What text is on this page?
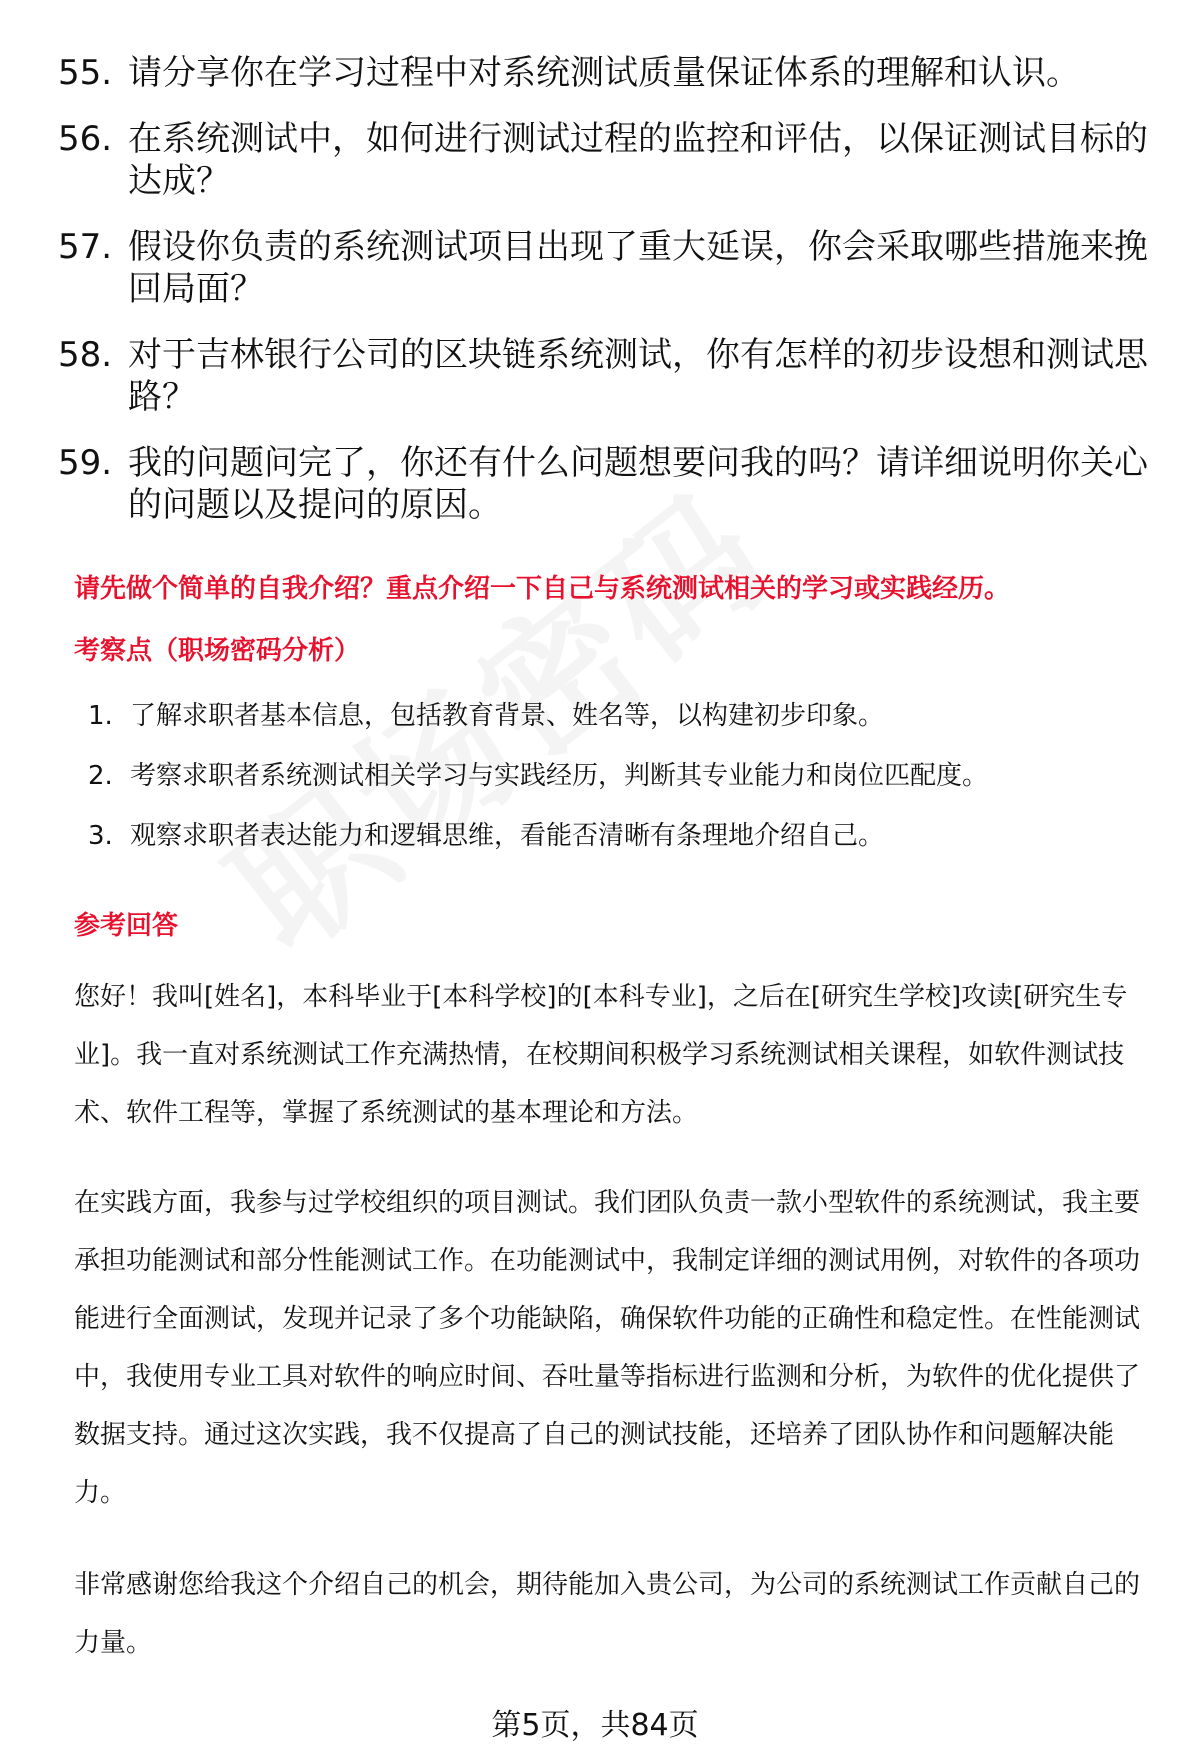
55. 请分享你在学习过程中对系统测试质量保证体系的理解和认识。
56. 在系统测试中，如何进行测试过程的监控和评估，以保证测试目标的达成？
57. 假设你负责的系统测试项目出现了重大延误，你会采取哪些措施来挽回局面？
58. 对于吉林银行公司的区块链系统测试，你有怎样的初步设想和测试思路？
59. 我的问题问完了，你还有什么问题想要问我的吗？请详细说明你关心的问题以及提问的原因。
请先做个简单的自我介绍？重点介绍一下自己与系统测试相关的学习或实践经历。
考察点（职场密码分析）
1. 了解求职者基本信息，包括教育背景、姓名等，以构建初步印象。
2. 考察求职者系统测试相关学习与实践经历，判断其专业能力和岗位匹配度。
3. 观察求职者表达能力和逻辑思维，看能否清晰有条理地介绍自己。
参考回答

您好！我叫[姓名]，本科毕业于[本科学校]的[本科专业]，之后在[研究生学校]攻读[研究生专业]。我一直对系统测试工作充满热情，在校期间积极学习系统测试相关课程，如软件测试技术、软件工程等，掌握了系统测试的基本理论和方法。

在实践方面，我参与过学校组织的项目测试。我们团队负责一款小型软件的系统测试，我主要承担功能测试和部分性能测试工作。在功能测试中，我制定详细的测试用例，对软件的各项功能进行全面测试，发现并记录了多个功能缺陷，确保软件功能的正确性和稳定性。在性能测试中，我使用专业工具对软件的响应时间、吞吐量等指标进行监测和分析，为软件的优化提供了数据支持。通过这次实践，我不仅提高了自己的测试技能，还培养了团队协作和问题解决能力。

非常感谢您给我这个介绍自己的机会，期待能加入贵公司，为公司的系统测试工作贡献自己的力量。

第5页，共84页
